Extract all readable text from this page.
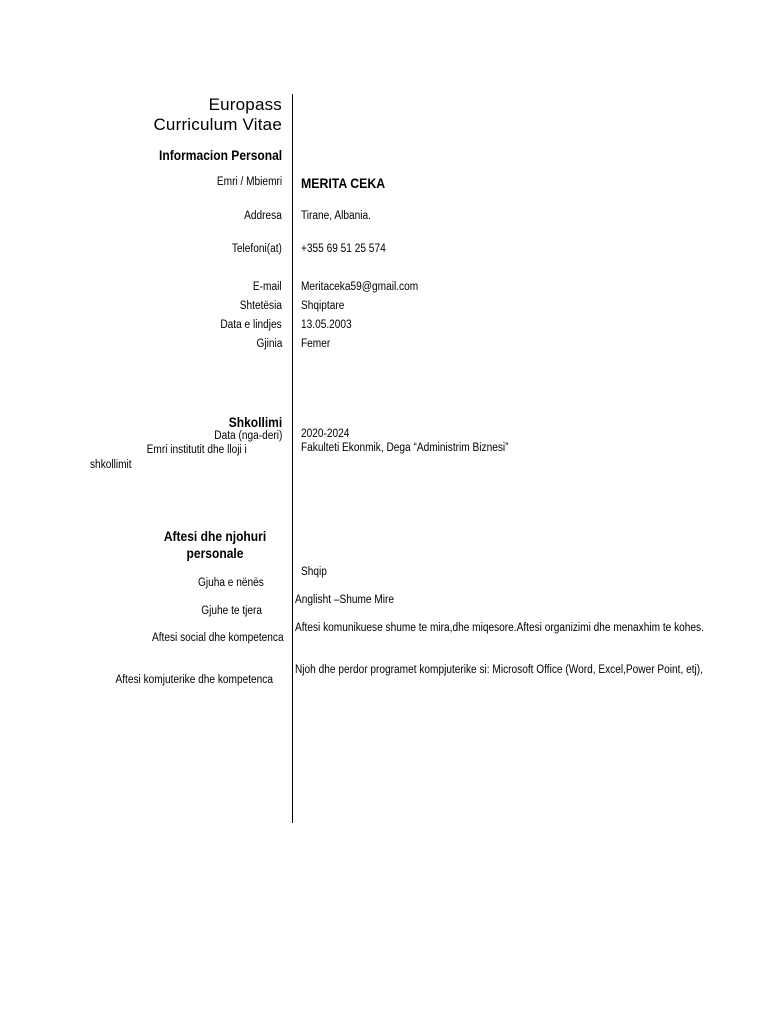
Europass
Curriculum Vitae
Informacion Personal
Emri / Mbiemri MERITA CEKA
Addresa Tirane, Albania.
Telefoni(at) +355 69 51 25 574
E-mail Meritaceka59@gmail.com
Shtetësia Shqiptare
Data e lindjes 13.05.2003
Gjinia Femer
Shkollimi
Data (nga-deri) 2020-2024
Emri institutit dhe lloji i
shkollimit
Fakulteti Ekonmik, Dega “Administrim Biznesi”
Aftesi dhe njohuri
personale
Gjuha e nënës
Shqip
Gjuhe te tjera
Anglisht –Shume Mire
Aftesi social dhe kompetenca
Aftesi komunikuese shume te mira,dhe miqesore.Aftesi organizimi dhe menaxhim te kohes.
Aftesi komjuterike dhe kompetenca
Njoh dhe perdor programet kompjuterike si: Microsoft Office (Word, Excel,Power Point, etj),
